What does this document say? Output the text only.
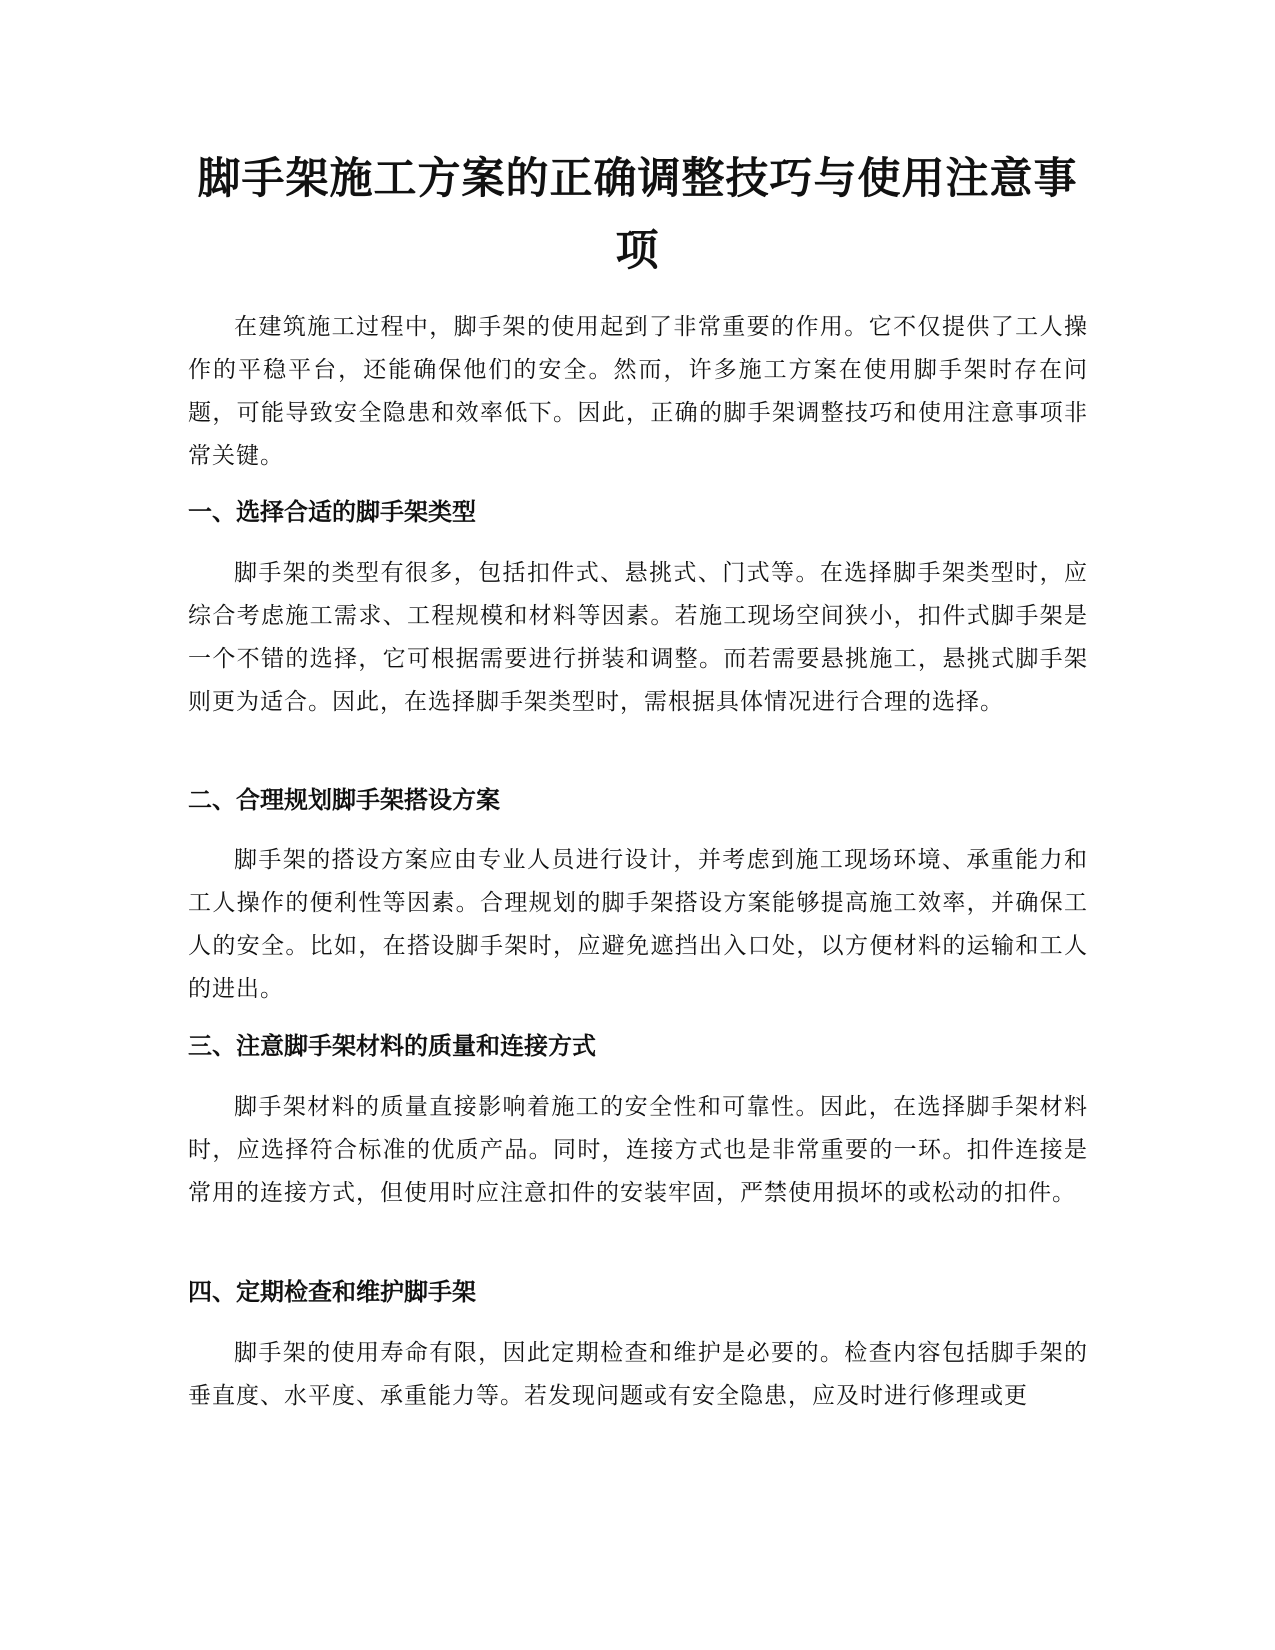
脚手架施工方案的正确调整技巧与使用注意事项

在建筑施工过程中，脚手架的使用起到了非常重要的作用。它不仅提供了工人操作的平稳平台，还能确保他们的安全。然而，许多施工方案在使用脚手架时存在问题，可能导致安全隐患和效率低下。因此，正确的脚手架调整技巧和使用注意事项非常关键。

一、选择合适的脚手架类型

脚手架的类型有很多，包括扣件式、悬挑式、门式等。在选择脚手架类型时，应综合考虑施工需求、工程规模和材料等因素。若施工现场空间狭小，扣件式脚手架是一个不错的选择，它可根据需要进行拼装和调整。而若需要悬挑施工，悬挑式脚手架则更为适合。因此，在选择脚手架类型时，需根据具体情况进行合理的选择。

二、合理规划脚手架搭设方案

脚手架的搭设方案应由专业人员进行设计，并考虑到施工现场环境、承重能力和工人操作的便利性等因素。合理规划的脚手架搭设方案能够提高施工效率，并确保工人的安全。比如，在搭设脚手架时，应避免遮挡出入口处，以方便材料的运输和工人的进出。

三、注意脚手架材料的质量和连接方式

脚手架材料的质量直接影响着施工的安全性和可靠性。因此，在选择脚手架材料时，应选择符合标准的优质产品。同时，连接方式也是非常重要的一环。扣件连接是常用的连接方式，但使用时应注意扣件的安装牢固，严禁使用损坏的或松动的扣件。

四、定期检查和维护脚手架

脚手架的使用寿命有限，因此定期检查和维护是必要的。检查内容包括脚手架的垂直度、水平度、承重能力等。若发现问题或有安全隐患，应及时进行修理或更
